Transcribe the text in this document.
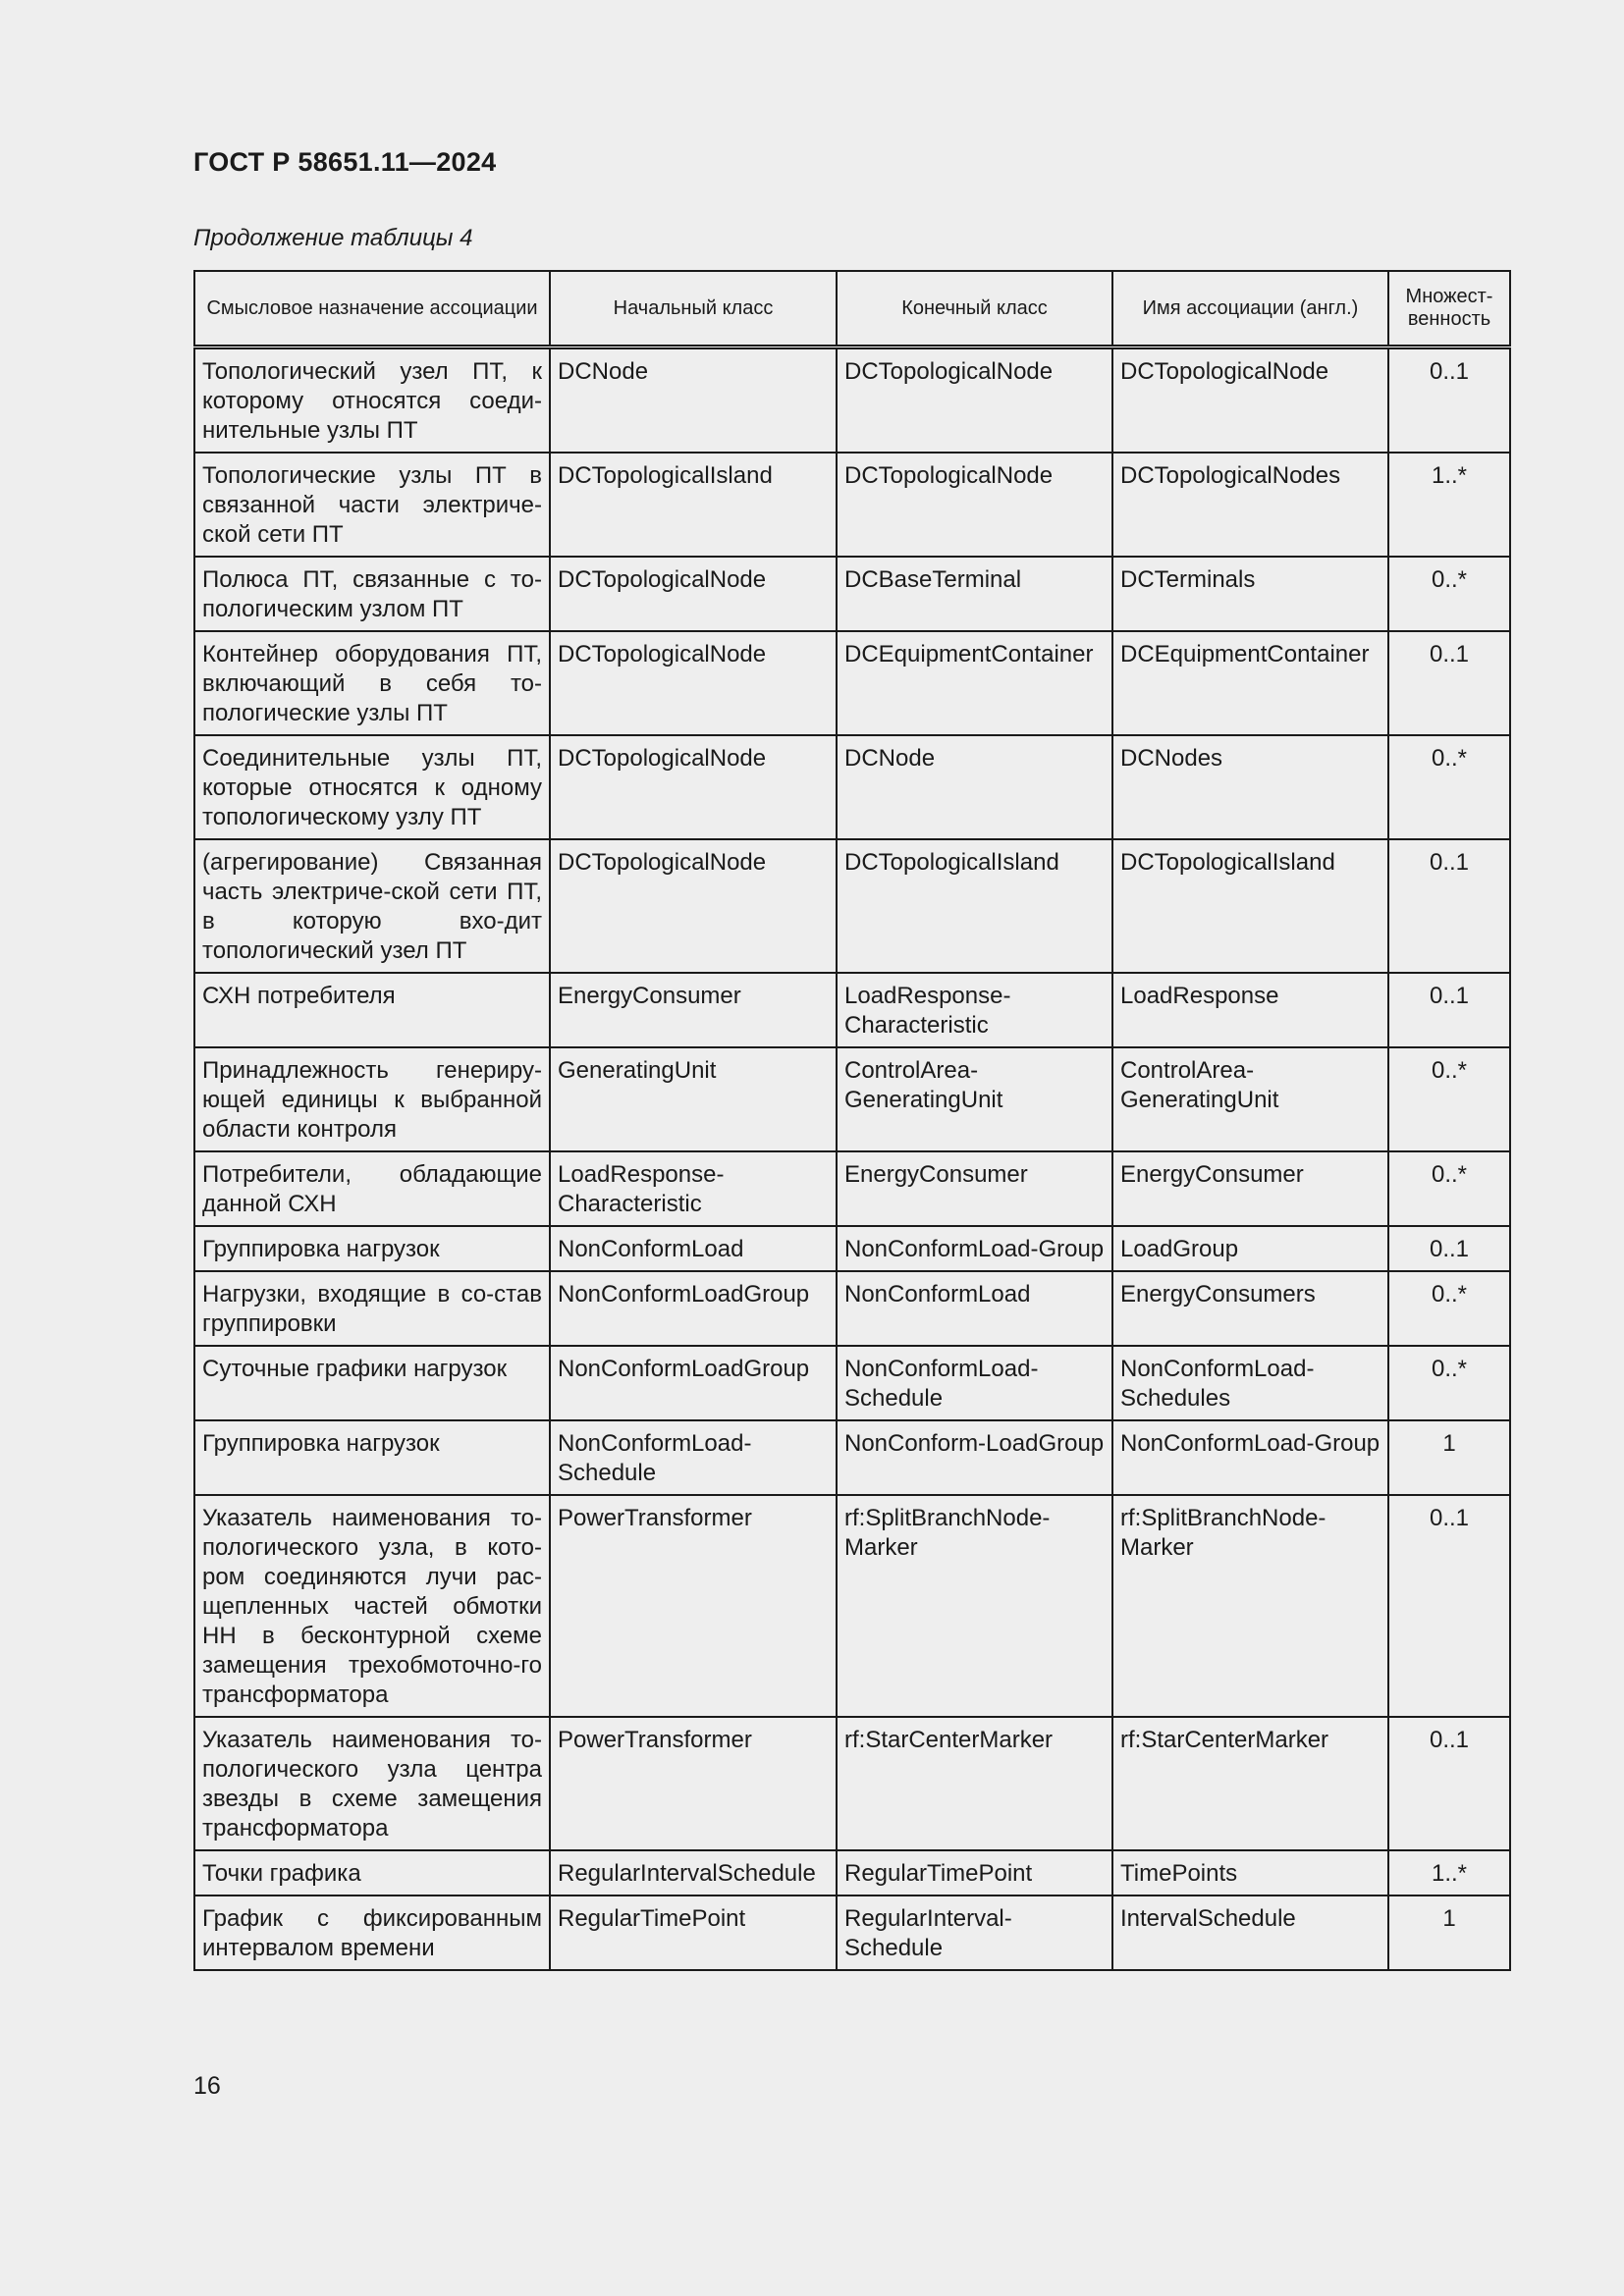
ГОСТ Р 58651.11—2024
Продолжение таблицы 4
Смысловое назначение ассоциации	Начальный класс	Конечный класс	Имя ассоциации (англ.)	Множест-венность
Топологический узел ПТ, к которому относятся соеди-нительные узлы ПТ	DCNode	DCTopologicalNode	DCTopologicalNode	0..1
Топологические узлы ПТ в связанной части электриче-ской сети ПТ	DCTopologicalIsland	DCTopologicalNode	DCTopologicalNodes	1..*
Полюса ПТ, связанные с то-пологическим узлом ПТ	DCTopologicalNode	DCBaseTerminal	DCTerminals	0..*
Контейнер оборудования ПТ, включающий в себя то-пологические узлы ПТ	DCTopologicalNode	DCEquipmentContainer	DCEquipmentContainer	0..1
Соединительные узлы ПТ, которые относятся к одному топологическому узлу ПТ	DCTopologicalNode	DCNode	DCNodes	0..*
(агрегирование) Связанная часть электриче-ской сети ПТ, в которую вхо-дит топологический узел ПТ	DCTopologicalNode	DCTopologicalIsland	DCTopologicalIsland	0..1
СХН потребителя	EnergyConsumer	LoadResponse-Characteristic	LoadResponse	0..1
Принадлежность генериру-ющей единицы к выбранной области контроля	GeneratingUnit	ControlArea-GeneratingUnit	ControlArea-GeneratingUnit	0..*
Потребители, обладающие данной СХН	LoadResponse-Characteristic	EnergyConsumer	EnergyConsumer	0..*
Группировка нагрузок	NonConformLoad	NonConformLoad-Group	LoadGroup	0..1
Нагрузки, входящие в со-став группировки	NonConformLoadGroup	NonConformLoad	EnergyConsumers	0..*
Суточные графики нагрузок	NonConformLoadGroup	NonConformLoad-Schedule	NonConformLoad-Schedules	0..*
Группировка нагрузок	NonConformLoad-Schedule	NonConform-LoadGroup	NonConformLoad-Group	1
Указатель наименования то-пологического узла, в кото-ром соединяются лучи рас-щепленных частей обмотки НН в бесконтурной схеме замещения трехобмоточно-го трансформатора	PowerTransformer	rf:SplitBranchNode-Marker	rf:SplitBranchNode-Marker	0..1
Указатель наименования то-пологического узла центра звезды в схеме замещения трансформатора	PowerTransformer	rf:StarCenterMarker	rf:StarCenterMarker	0..1
Точки графика	RegularIntervalSchedule	RegularTimePoint	TimePoints	1..*
График с фиксированным интервалом времени	RegularTimePoint	RegularInterval-Schedule	IntervalSchedule	1
16
